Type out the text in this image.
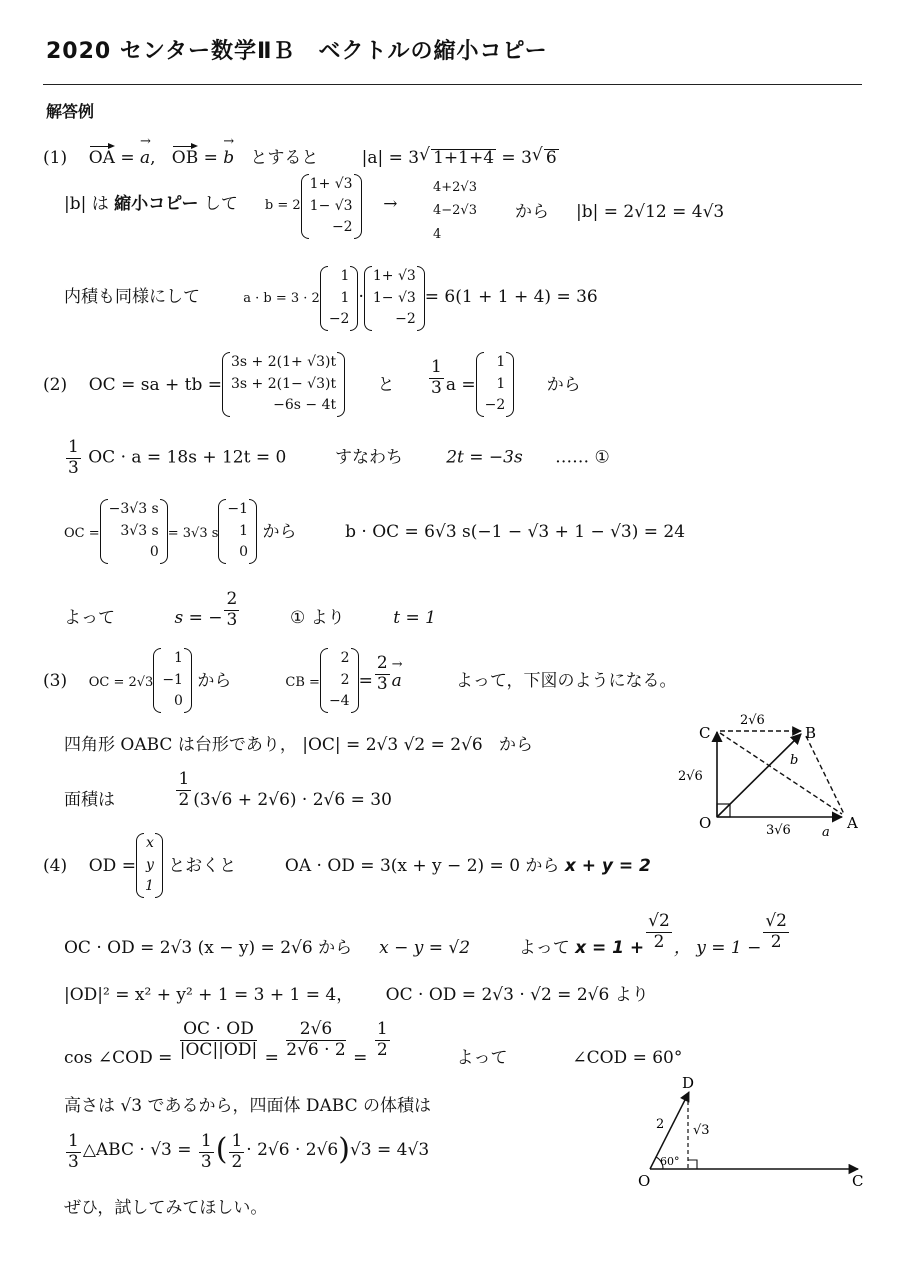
2020 センター数学ⅡＢ　ベクトルの縮小コピー
解答例
(1) OA = → a, OB = → b とすると	|a| = 3 √ 1+1+4 = 3 √ 6
|b| は 縮小コピー して $_{b = 2}$
1+ √3
1− √3
−2
→
4+2√3
4−2√3
4
から |b| = 2√12 = 4√3
内積も同様にして	$_{a \cdot b = 3 \cdot 2}$
1
1
−2
·
1+ √3
1− √3
−2
= 6(1 + 1 + 4) = 36
(2) OC = sa + tb =
3s + 2(1+ √3)t
3s + 2(1− √3)t
−6s − 4t
と $\frac{1}{3}$ a =
1
1
−2
から
$\frac{1}{3}$ OC · a = 18s + 12t = 0	すなわち	2t = −3s …… ①
$_{OC =}$
−3√3 s
3√3 s
0
$_{= 3√3 s}$
−1
1
0
から	b · OC = 6√3 s(−1 − √3 + 1 − √3) = 24
よって	s = − $\frac{2}{3}$	① より	t = 1
(3) $_{OC = 2√3}$
1
−1
0
から	$_{CB =}$
2
2
−4
= $\frac{2}{3} \to a$	よって，下図のようになる。
四角形 OABC は台形であり， |OC| = 2√3 √2 = 2√6 から
面積は	$\frac{1}{2} (3√6 + 2√6) \cdot 2√6 = 30$
C	B
O	A
2√6
2√6
3√6
b
a
(4) OD =
x
y
1
とおくと	OA · OD = 3(x + y − 2) = 0 から x + y = 2
OC · OD = 2√3 (x − y) = 2√6 から x − y = √2	よって $x = 1 + \frac{√2}{2}$ ， $y = 1 - \frac{√2}{2}$
|OD|² = x² + y² + 1 = 3 + 1 = 4， OC · OD = 2√3 · √2 = 2√6 より
cos ∠COD = $\frac{OC \cdot OD}{|OC||OD|} = \frac{2√6}{2√6 \cdot 2} = \frac{1}{2}$	よって	∠COD = 60°
高さは √3 であるから，四面体 DABC の体積は
$\frac{1}{3}$ △ABC · $√3 = \frac{1}{3}$ ( $\frac{1}{2} \cdot 2√6 \cdot 2√6)√3 = 4√3$
ぜひ，試してみてほしい。
D
O	C
2 √3
60°
